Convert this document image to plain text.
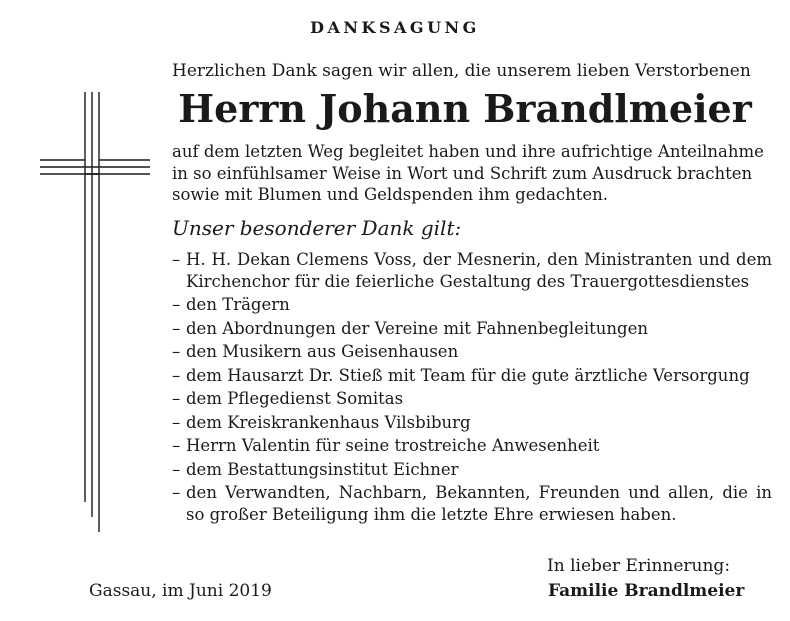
DANKSAGUNG
Herzlichen Dank sagen wir allen, die unserem lieben Verstorbenen
Herrn Johann Brandlmeier
auf dem letzten Weg begleitet haben und ihre aufrichtige Anteilnahme
in so einfühlsamer Weise in Wort und Schrift zum Ausdruck brachten
sowie mit Blumen und Geldspenden ihm gedachten.
Unser besonderer Dank gilt:
– H. H. Dekan Clemens Voss, der Mesnerin, den Ministranten und dem Kirchenchor für die feierliche Gestaltung des Trauergottesdienstes
– den Trägern
– den Abordnungen der Vereine mit Fahnenbegleitungen
– den Musikern aus Geisenhausen
– dem Hausarzt Dr. Stieß mit Team für die gute ärztliche Versorgung
– dem Pflegedienst Somitas
– dem Kreiskrankenhaus Vilsbiburg
– Herrn Valentin für seine trostreiche Anwesenheit
– dem Bestattungsinstitut Eichner
– den Verwandten, Nachbarn, Bekannten, Freunden und allen, die in so großer Beteiligung ihm die letzte Ehre erwiesen haben.
In lieber Erinnerung:
Gassau, im Juni 2019	Familie Brandlmeier
